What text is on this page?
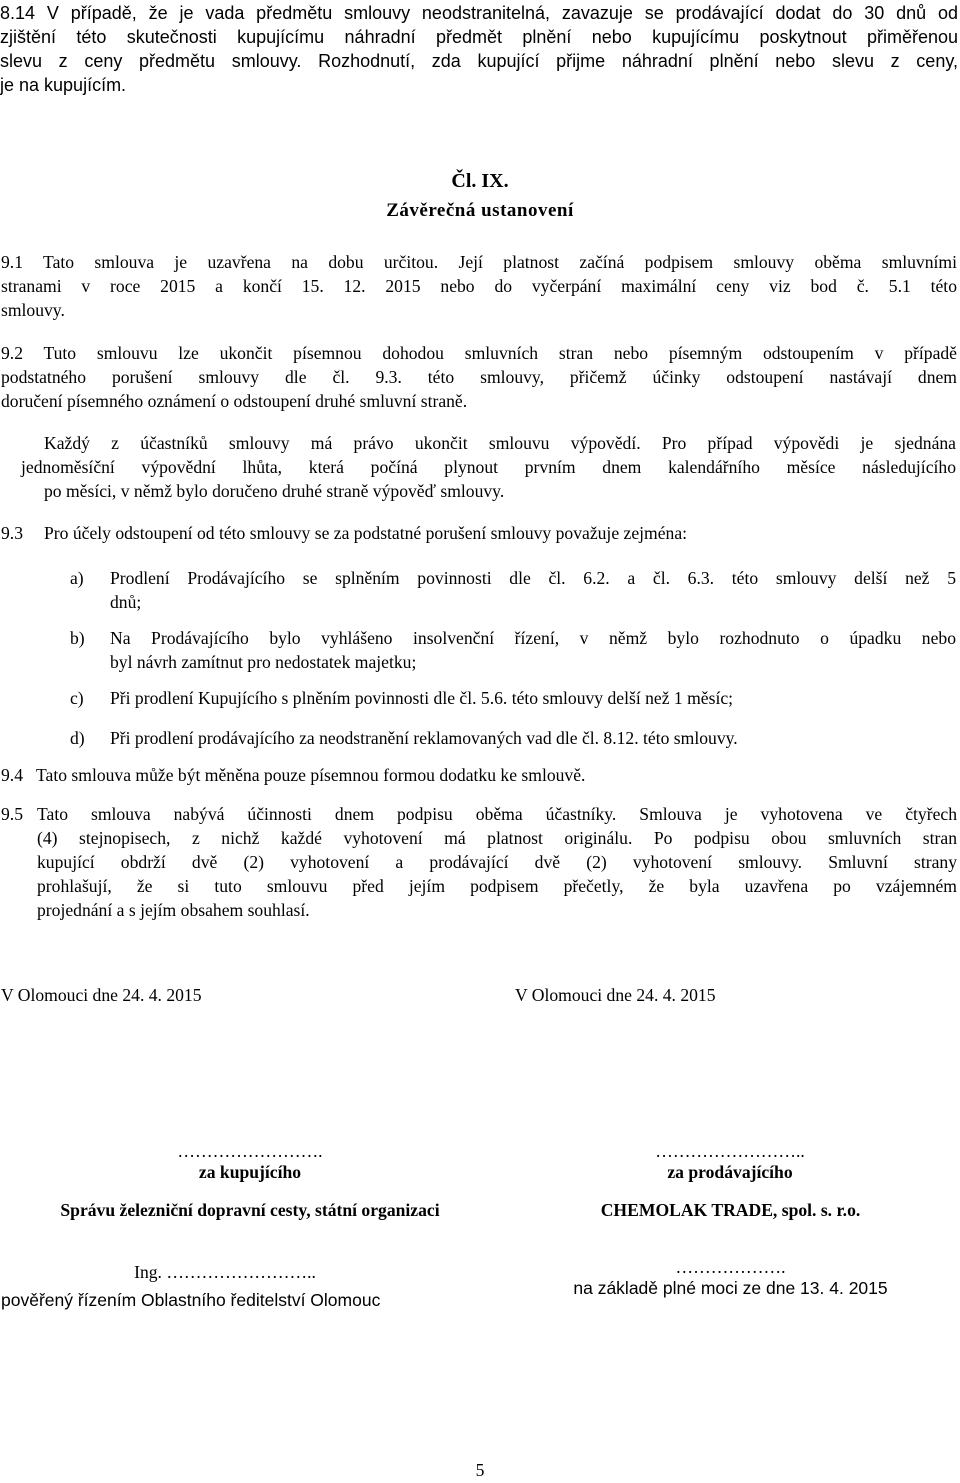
8.14 V případě, že je vada předmětu smlouvy neodstranitelná, zavazuje se prodávající dodat do 30 dnů od
zjištění této skutečnosti kupujícímu náhradní předmět plnění nebo kupujícímu poskytnout přiměřenou
slevu z ceny předmětu smlouvy. Rozhodnutí, zda kupující přijme náhradní plnění nebo slevu z ceny,
je na kupujícím.
Čl. IX.
Závěrečná ustanovení
9.1 Tato smlouva je uzavřena na dobu určitou. Její platnost začíná podpisem smlouvy oběma smluvními
stranami v roce 2015 a končí 15. 12. 2015 nebo do vyčerpání maximální ceny viz bod č. 5.1 této
smlouvy.
9.2 Tuto smlouvu lze ukončit písemnou dohodou smluvních stran nebo písemným odstoupením v případě
podstatného porušení smlouvy dle čl. 9.3. této smlouvy, přičemž účinky odstoupení nastávají dnem
doručení písemného oznámení o odstoupení druhé smluvní straně.
Každý z účastníků smlouvy má právo ukončit smlouvu výpovědí. Pro případ výpovědi je sjednána
jednoměsíční výpovědní lhůta, která počíná plynout prvním dnem kalendářního měsíce následujícího
po měsíci, v němž bylo doručeno druhé straně výpověď smlouvy.
9.3 Pro účely odstoupení od této smlouvy se za podstatné porušení smlouvy považuje zejména:
a) Prodlení Prodávajícího se splněním povinnosti dle čl. 6.2. a čl. 6.3. této smlouvy delší než 5
dnů;
b) Na Prodávajícího bylo vyhlášeno insolvenční řízení, v němž bylo rozhodnuto o úpadku nebo
byl návrh zamítnut pro nedostatek majetku;
c) Při prodlení Kupujícího s plněním povinnosti dle čl. 5.6. této smlouvy delší než 1 měsíc;
d) Při prodlení prodávajícího za neodstranění reklamovaných vad dle čl. 8.12. této smlouvy.
9.4 Tato smlouva může být měněna pouze písemnou formou dodatku ke smlouvě.
9.5 Tato smlouva nabývá účinnosti dnem podpisu oběma účastníky. Smlouva je vyhotovena ve čtyřech
(4) stejnopisech, z nichž každé vyhotovení má platnost originálu. Po podpisu obou smluvních stran
kupující obdrží dvě (2) vyhotovení a prodávající dvě (2) vyhotovení smlouvy. Smluvní strany
prohlašují, že si tuto smlouvu před jejím podpisem přečetly, že byla uzavřena po vzájemném
projednání a s jejím obsahem souhlasí.
V Olomouci dne 24. 4. 2015	V Olomouci dne 24. 4. 2015
…………………….
za kupujícího
Správu železniční dopravní cesty, státní organizaci
Ing. ……………………..
pověřený řízením Oblastního ředitelství Olomouc
……………………..
za prodávajícího
CHEMOLAK TRADE, spol. s. r.o.
……………….
na základě plné moci ze dne 13. 4. 2015
5
